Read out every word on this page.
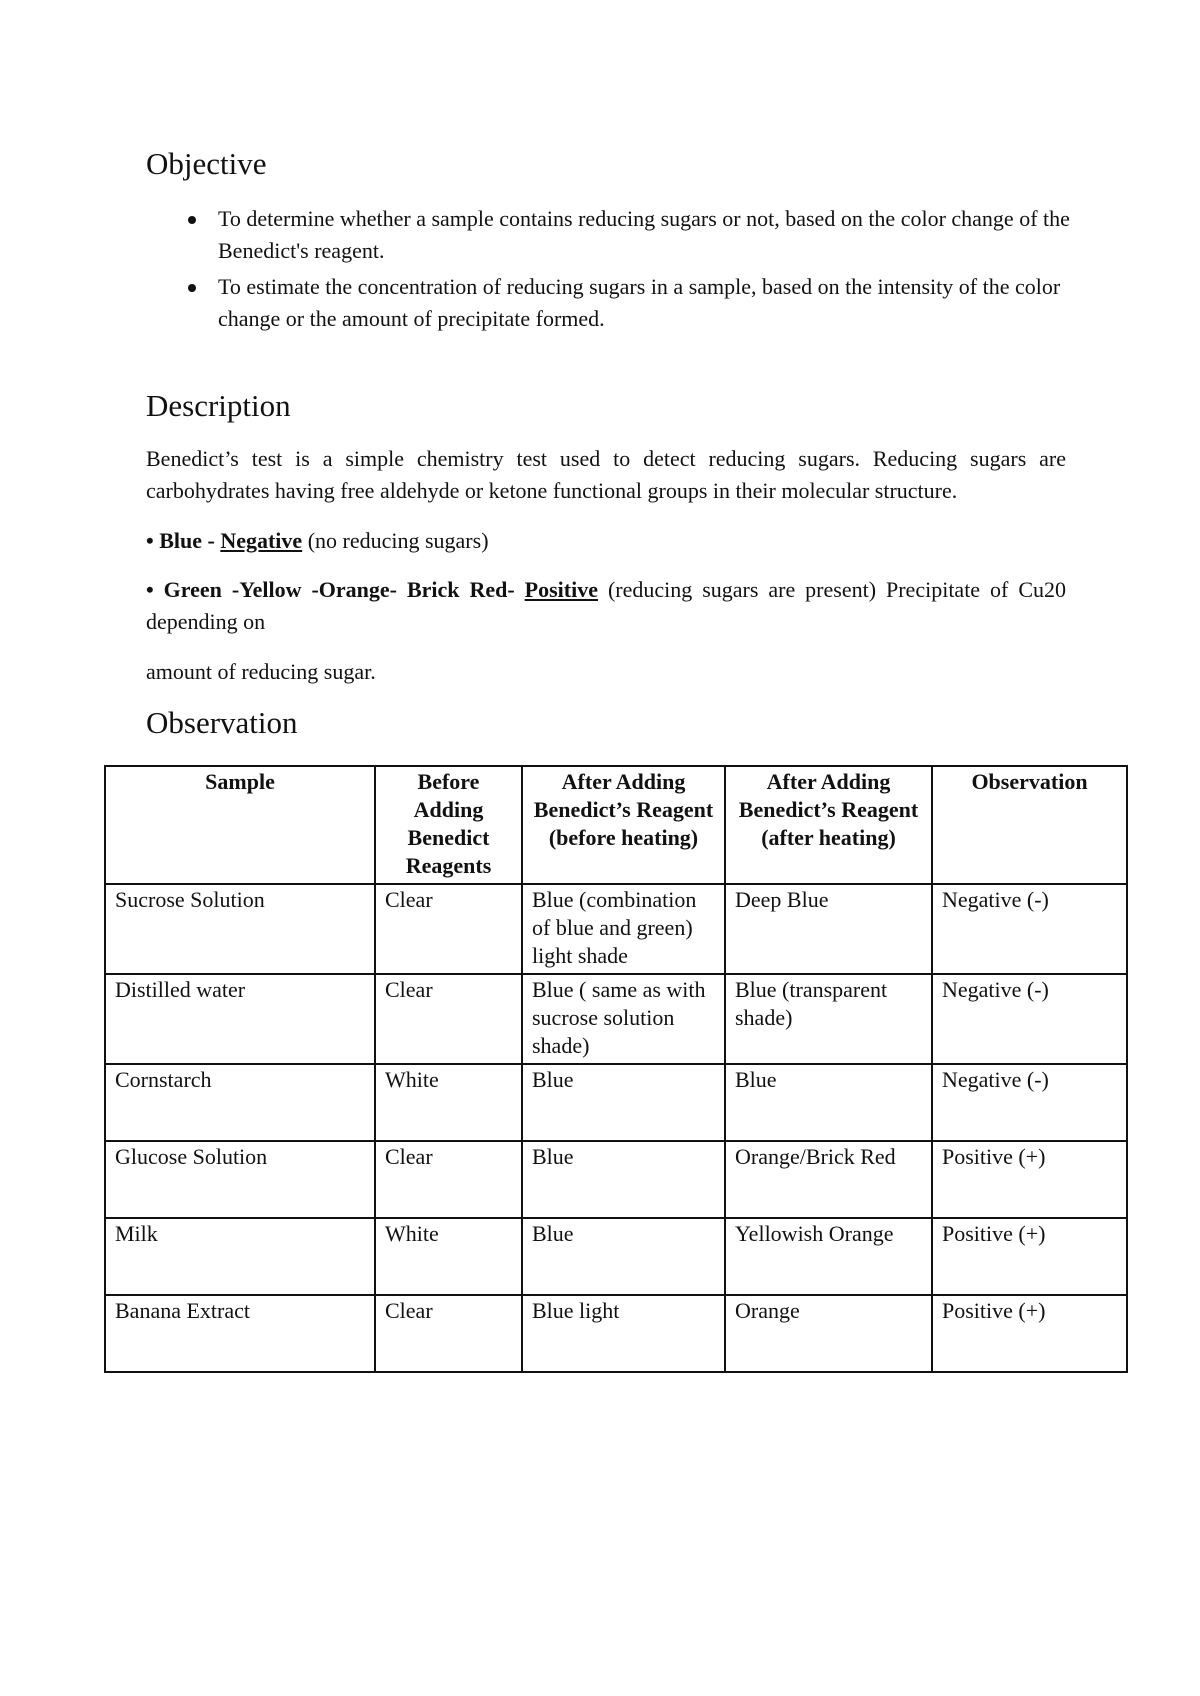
Objective
To determine whether a sample contains reducing sugars or not, based on the color change of the Benedict's reagent.
To estimate the concentration of reducing sugars in a sample, based on the intensity of the color change or the amount of precipitate formed.
Description

Benedict’s test is a simple chemistry test used to detect reducing sugars. Reducing sugars are carbohydrates having free aldehyde or ketone functional groups in their molecular structure.

• Blue - Negative (no reducing sugars)

• Green -Yellow -Orange- Brick Red- Positive (reducing sugars are present) Precipitate of Cu20 depending on

amount of reducing sugar.

Observation
Sample	Before Adding Benedict Reagents	After Adding Benedict’s Reagent (before heating)	After Adding Benedict’s Reagent (after heating)	Observation
Sucrose Solution	Clear	Blue (combination of blue and green) light shade	Deep Blue	Negative (-)
Distilled water	Clear	Blue ( same as with sucrose solution shade)	Blue (transparent shade)	Negative (-)
Cornstarch	White	Blue	Blue	Negative (-)
Glucose Solution	Clear	Blue	Orange/Brick Red	Positive (+)
Milk	White	Blue	Yellowish Orange	Positive (+)
Banana Extract	Clear	Blue light	Orange	Positive (+)
